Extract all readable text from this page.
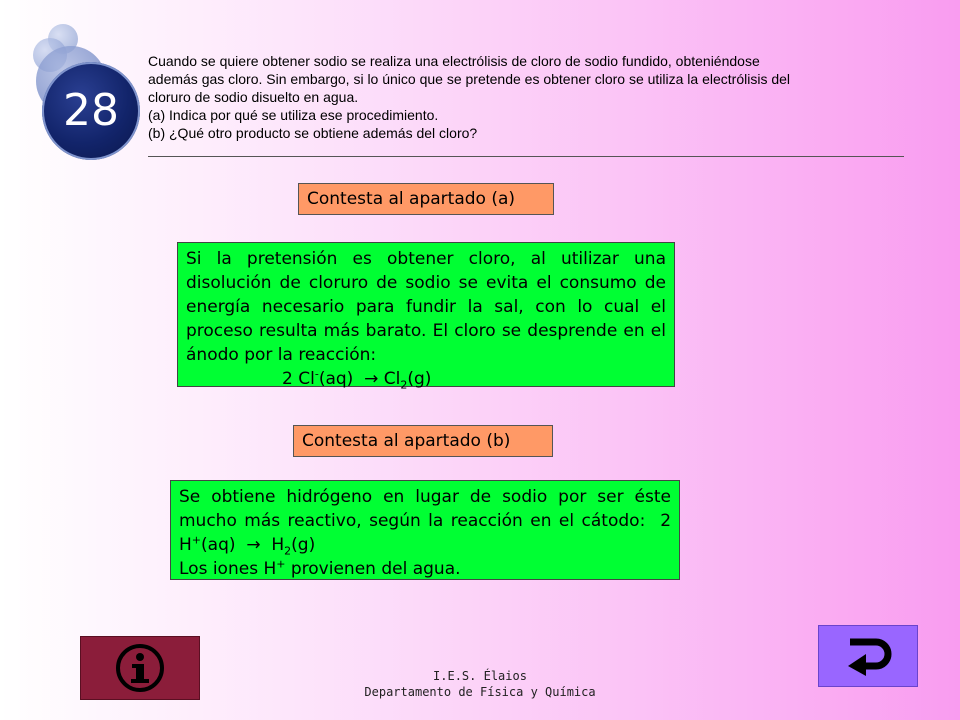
28

Cuando se quiere obtener sodio se realiza una electrólisis de cloro de sodio fundido, obteniéndose

además gas cloro. Sin embargo, si lo único que se pretende es obtener cloro se utiliza la electrólisis del

cloruro de sodio disuelto en agua.

(a) Indica por qué se utiliza ese procedimiento.

(b) ¿Qué otro producto se obtiene además del cloro?

Contesta al apartado (a)

Si la pretensión es obtener cloro, al utilizar una disolución de cloruro de sodio se evita el consumo de energía necesario para fundir la sal, con lo cual el proceso resulta más barato. El cloro se desprende en el ánodo por la reacción:

2 $Cl^-(aq) \to Cl_2(g)$

Contesta al apartado (b)

Se obtiene hidrógeno en lugar de sodio por ser éste mucho más reactivo, según la reacción en el cátodo: 2 $H^+(aq) \to H_2(g)$

Los iones H+ provienen del agua.

I.E.S. Élaios
Departamento de Física y Química
